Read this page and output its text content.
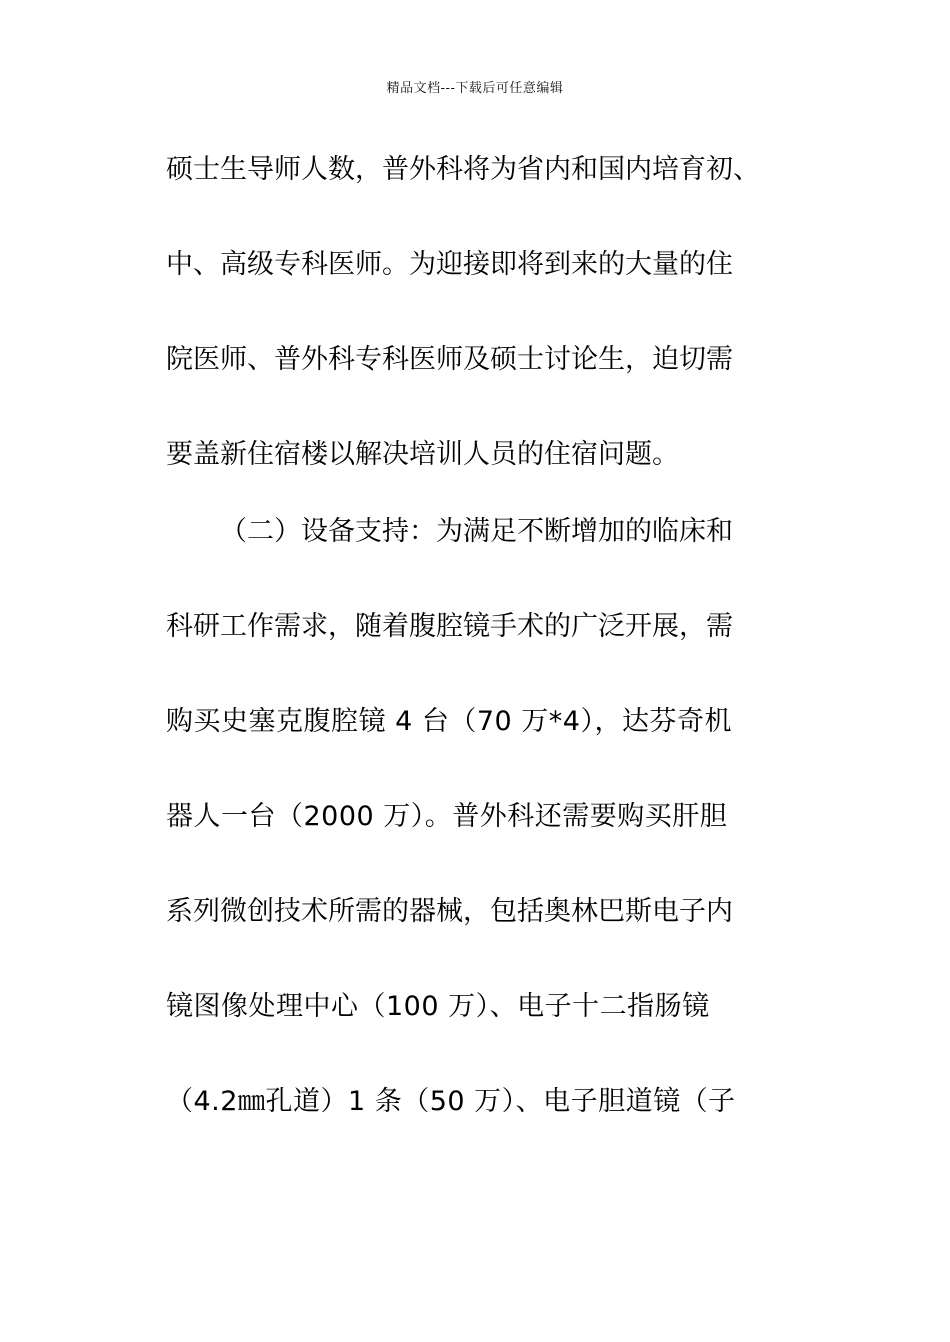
精品文档---下载后可任意编辑
硕士生导师人数，普外科将为省内和国内培育初、
中、高级专科医师。为迎接即将到来的大量的住
院医师、普外科专科医师及硕士讨论生，迫切需
要盖新住宿楼以解决培训人员的住宿问题。
（二）设备支持：为满足不断增加的临床和
科研工作需求，随着腹腔镜手术的广泛开展，需
购买史塞克腹腔镜 4 台（70 万*4），达芬奇机
器人一台（2000 万）。普外科还需要购买肝胆
系列微创技术所需的器械，包括奥林巴斯电子内
镜图像处理中心（100 万）、电子十二指肠镜
（4.2㎜孔道）1 条（50 万）、电子胆道镜（子
